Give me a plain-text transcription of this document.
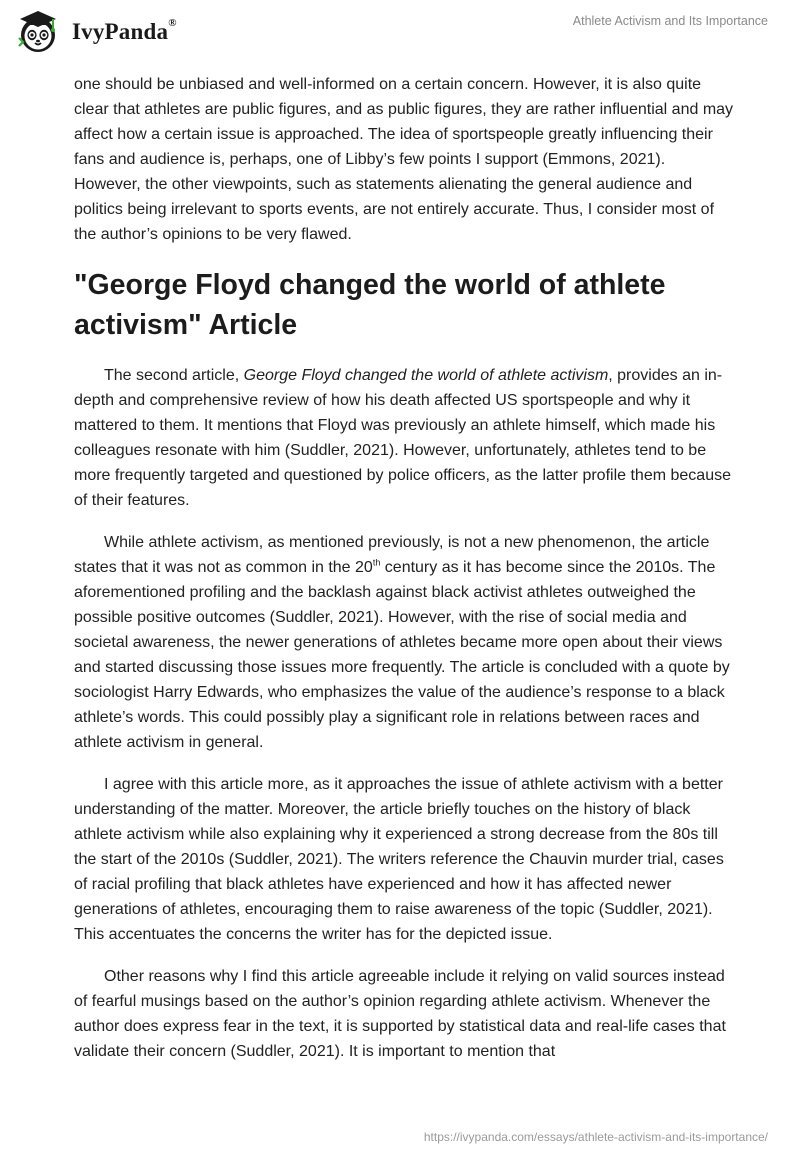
IvyPanda®	Athlete Activism and Its Importance

one should be unbiased and well-informed on a certain concern. However, it is also quite clear that athletes are public figures, and as public figures, they are rather influential and may affect how a certain issue is approached. The idea of sportspeople greatly influencing their fans and audience is, perhaps, one of Libby’s few points I support (Emmons, 2021). However, the other viewpoints, such as statements alienating the general audience and politics being irrelevant to sports events, are not entirely accurate. Thus, I consider most of the author’s opinions to be very flawed.

"George Floyd changed the world of athlete activism" Article

The second article, George Floyd changed the world of athlete activism, provides an in-depth and comprehensive review of how his death affected US sportspeople and why it mattered to them. It mentions that Floyd was previously an athlete himself, which made his colleagues resonate with him (Suddler, 2021). However, unfortunately, athletes tend to be more frequently targeted and questioned by police officers, as the latter profile them because of their features.

While athlete activism, as mentioned previously, is not a new phenomenon, the article states that it was not as common in the 20th century as it has become since the 2010s. The aforementioned profiling and the backlash against black activist athletes outweighed the possible positive outcomes (Suddler, 2021). However, with the rise of social media and societal awareness, the newer generations of athletes became more open about their views and started discussing those issues more frequently. The article is concluded with a quote by sociologist Harry Edwards, who emphasizes the value of the audience’s response to a black athlete’s words. This could possibly play a significant role in relations between races and athlete activism in general.

I agree with this article more, as it approaches the issue of athlete activism with a better understanding of the matter. Moreover, the article briefly touches on the history of black athlete activism while also explaining why it experienced a strong decrease from the 80s till the start of the 2010s (Suddler, 2021). The writers reference the Chauvin murder trial, cases of racial profiling that black athletes have experienced and how it has affected newer generations of athletes, encouraging them to raise awareness of the topic (Suddler, 2021). This accentuates the concerns the writer has for the depicted issue.

Other reasons why I find this article agreeable include it relying on valid sources instead of fearful musings based on the author’s opinion regarding athlete activism. Whenever the author does express fear in the text, it is supported by statistical data and real-life cases that validate their concern (Suddler, 2021). It is important to mention that

https://ivypanda.com/essays/athlete-activism-and-its-importance/
